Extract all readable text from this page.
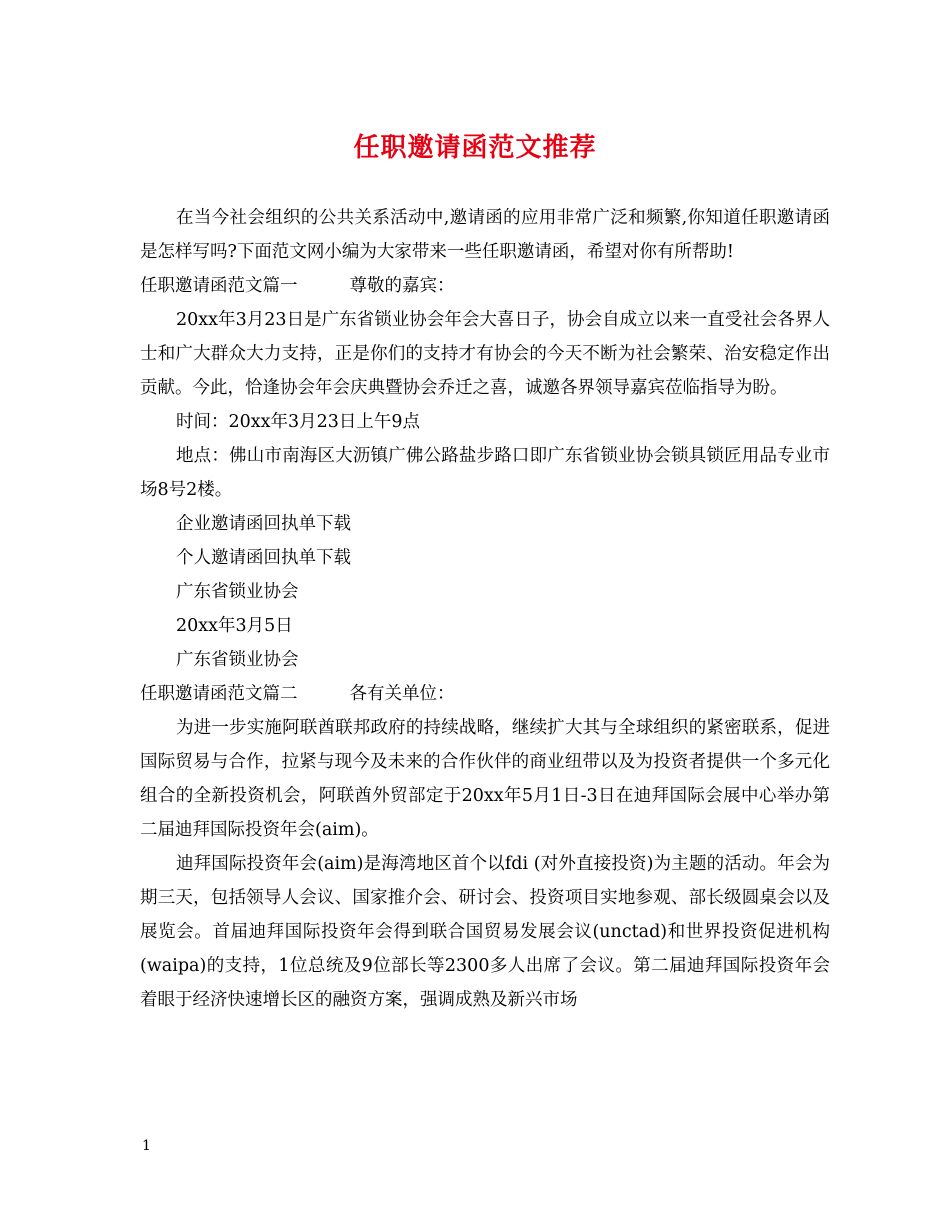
任职邀请函范文推荐

在当今社会组织的公共关系活动中,邀请函的应用非常广泛和频繁,你知道任职邀请函是怎样写吗?下面范文网小编为大家带来一些任职邀请函，希望对你有所帮助!

任职邀请函范文篇一	尊敬的嘉宾：

20xx年3月23日是广东省锁业协会年会大喜日子，协会自成立以来一直受社会各界人士和广大群众大力支持，正是你们的支持才有协会的今天不断为社会繁荣、治安稳定作出贡献。今此，恰逢协会年会庆典暨协会乔迁之喜，诚邀各界领导嘉宾莅临指导为盼。

时间：20xx年3月23日上午9点

地点：佛山市南海区大沥镇广佛公路盐步路口即广东省锁业协会锁具锁匠用品专业市场8号2楼。

企业邀请函回执单下载

个人邀请函回执单下载

广东省锁业协会

20xx年3月5日

广东省锁业协会

任职邀请函范文篇二	各有关单位：

为进一步实施阿联酋联邦政府的持续战略，继续扩大其与全球组织的紧密联系，促进国际贸易与合作，拉紧与现今及未来的合作伙伴的商业纽带以及为投资者提供一个多元化组合的全新投资机会，阿联酋外贸部定于20xx年5月1日-3日在迪拜国际会展中心举办第二届迪拜国际投资年会(aim)。

迪拜国际投资年会(aim)是海湾地区首个以fdi (对外直接投资)为主题的活动。年会为期三天，包括领导人会议、国家推介会、研讨会、投资项目实地参观、部长级圆桌会以及展览会。首届迪拜国际投资年会得到联合国贸易发展会议(unctad)和世界投资促进机构(waipa)的支持，1位总统及9位部长等2300多人出席了会议。第二届迪拜国际投资年会着眼于经济快速增长区的融资方案，强调成熟及新兴市场

1
